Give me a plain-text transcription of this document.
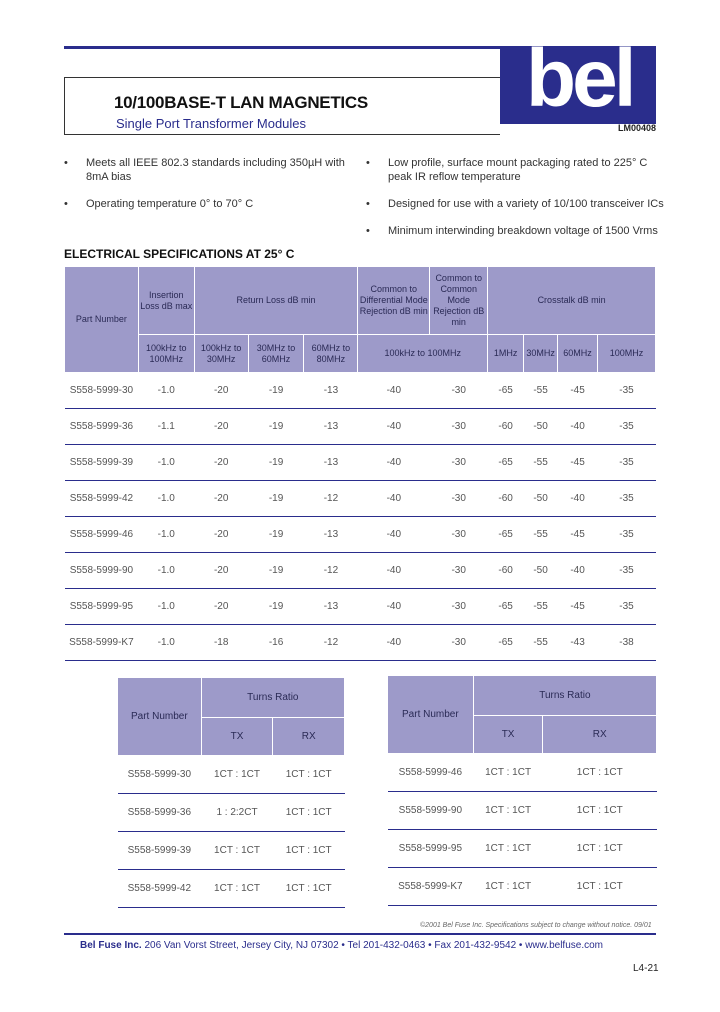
bel
10/100BASE-T LAN MAGNETICS
Single Port Transformer Modules	LM00408
• Meets all IEEE 802.3 standards including 350µH with 8mA bias
• Operating temperature 0° to 70° C
• Low profile, surface mount packaging rated to 225° C peak IR reflow temperature
• Designed for use with a variety of 10/100 transceiver ICs
• Minimum interwinding breakdown voltage of 1500 Vrms
ELECTRICAL SPECIFICATIONS AT 25° C
Part Number	Insertion Loss dB max	Return Loss dB min			Common to Differential Mode Rejection dB min	Common to Common Mode Rejection dB min	Crosstalk dB min			
	100kHz to 100MHz	100kHz to 30MHz	30MHz to 60MHz	60MHz to 80MHz	100kHz to 100MHz		1MHz	30MHz	60MHz	100MHz
S558-5999-30	-1.0	-20	-19	-13	-40	-30	-65	-55	-45	-35
S558-5999-36	-1.1	-20	-19	-13	-40	-30	-60	-50	-40	-35
S558-5999-39	-1.0	-20	-19	-13	-40	-30	-65	-55	-45	-35
S558-5999-42	-1.0	-20	-19	-12	-40	-30	-60	-50	-40	-35
S558-5999-46	-1.0	-20	-19	-13	-40	-30	-65	-55	-45	-35
S558-5999-90	-1.0	-20	-19	-12	-40	-30	-60	-50	-40	-35
S558-5999-95	-1.0	-20	-19	-13	-40	-30	-65	-55	-45	-35
S558-5999-K7	-1.0	-18	-16	-12	-40	-30	-65	-55	-43	-38
Part Number	Turns Ratio	
	TX	RX
S558-5999-30	1CT : 1CT	1CT : 1CT
S558-5999-36	1 : 2:2CT	1CT : 1CT
S558-5999-39	1CT : 1CT	1CT : 1CT
S558-5999-42	1CT : 1CT	1CT : 1CT
Part Number	Turns Ratio	
	TX	RX
S558-5999-46	1CT : 1CT	1CT : 1CT
S558-5999-90	1CT : 1CT	1CT : 1CT
S558-5999-95	1CT : 1CT	1CT : 1CT
S558-5999-K7	1CT : 1CT	1CT : 1CT
©2001 Bel Fuse Inc. Specifications subject to change without notice. 09/01
Bel Fuse Inc. 206 Van Vorst Street, Jersey City, NJ 07302 • Tel 201-432-0463 • Fax 201-432-9542 • www.belfuse.com
L4-21
